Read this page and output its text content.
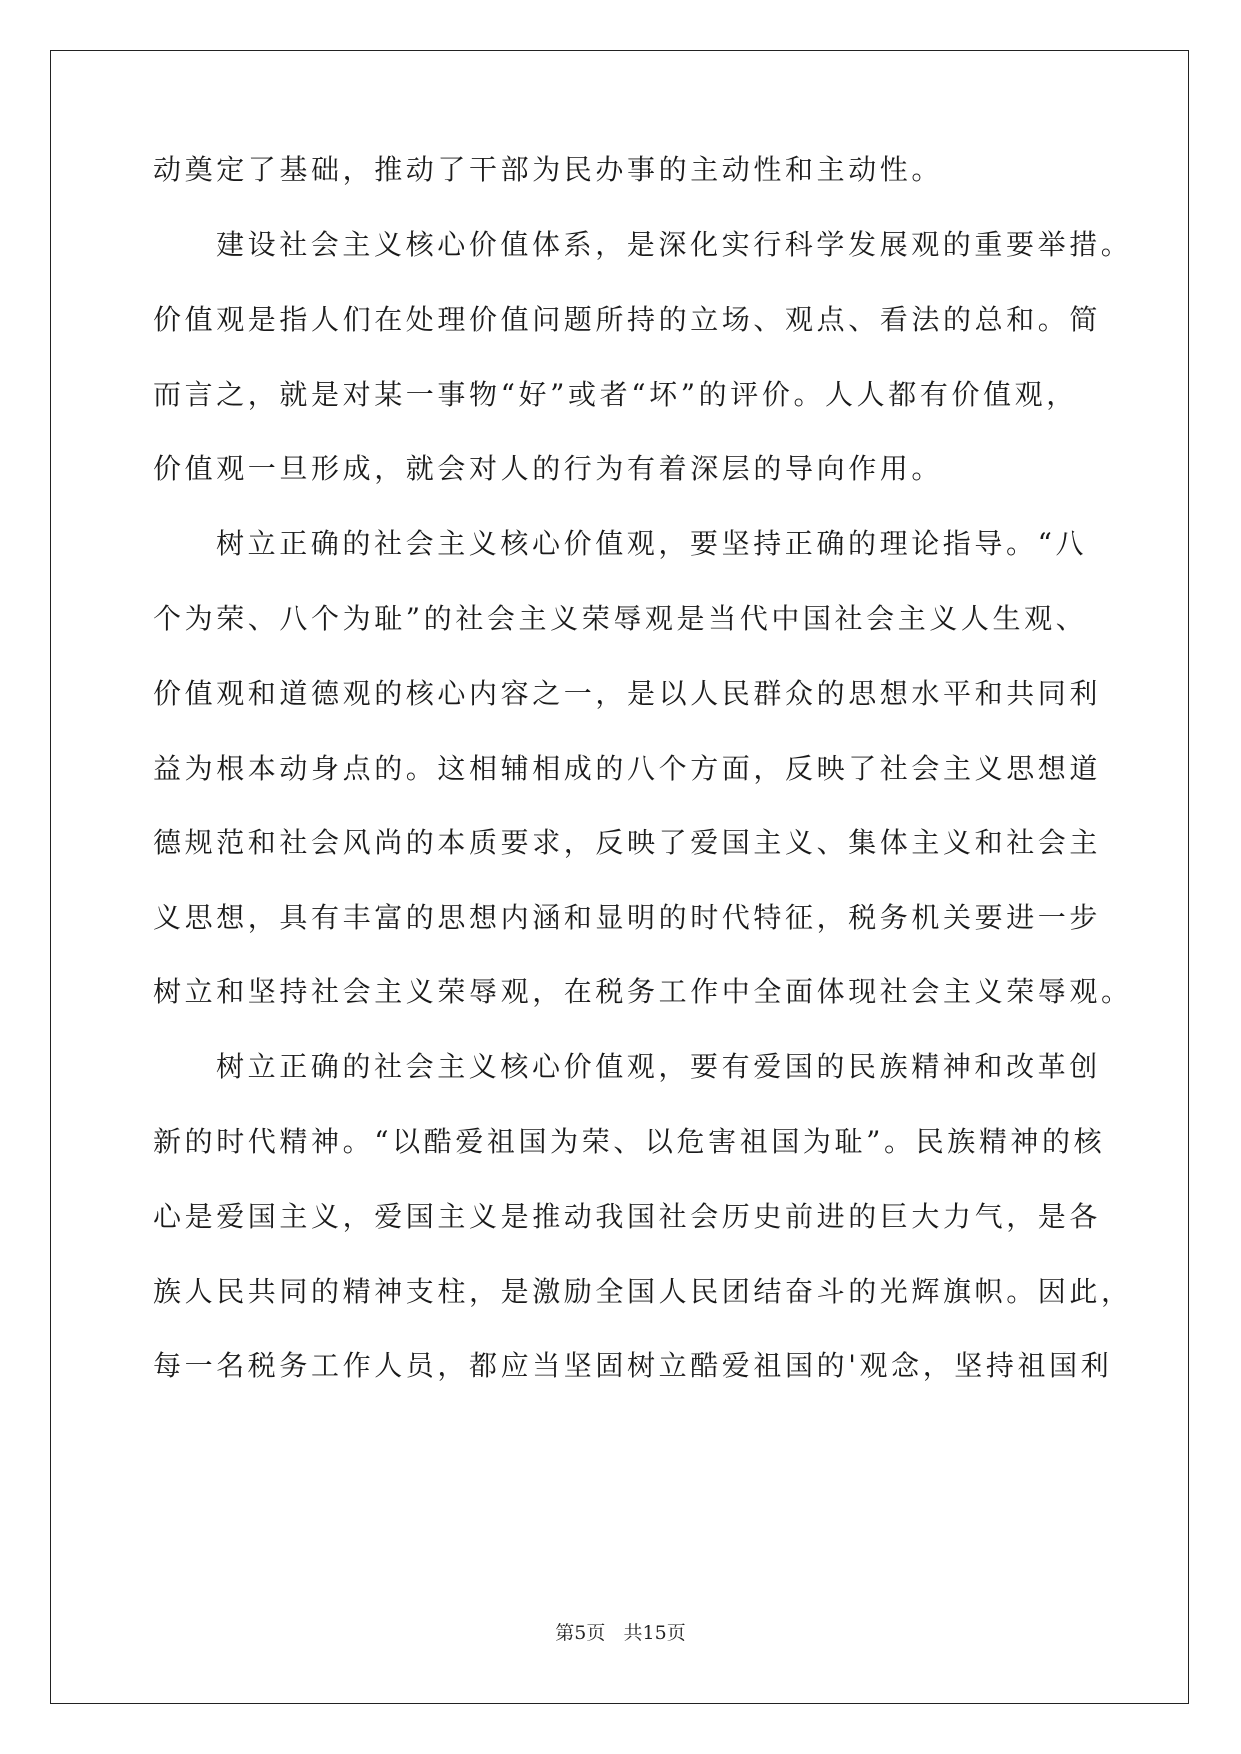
动奠定了基础，推动了干部为民办事的主动性和主动性。
建设社会主义核心价值体系，是深化实行科学发展观的重要举措。
价值观是指人们在处理价值问题所持的立场、观点、看法的总和。简
而言之，就是对某一事物“好”或者“坏”的评价。人人都有价值观，
价值观一旦形成，就会对人的行为有着深层的导向作用。
树立正确的社会主义核心价值观，要坚持正确的理论指导。“八
个为荣、八个为耻”的社会主义荣辱观是当代中国社会主义人生观、
价值观和道德观的核心内容之一，是以人民群众的思想水平和共同利
益为根本动身点的。这相辅相成的八个方面，反映了社会主义思想道
德规范和社会风尚的本质要求，反映了爱国主义、集体主义和社会主
义思想，具有丰富的思想内涵和显明的时代特征，税务机关要进一步
树立和坚持社会主义荣辱观，在税务工作中全面体现社会主义荣辱观。
树立正确的社会主义核心价值观，要有爱国的民族精神和改革创
新的时代精神。“以酷爱祖国为荣、以危害祖国为耻”。民族精神的核
心是爱国主义，爱国主义是推动我国社会历史前进的巨大力气，是各
族人民共同的精神支柱，是激励全国人民团结奋斗的光辉旗帜。因此，
每一名税务工作人员，都应当坚固树立酷爱祖国的'观念，坚持祖国利
第5页 共15页
